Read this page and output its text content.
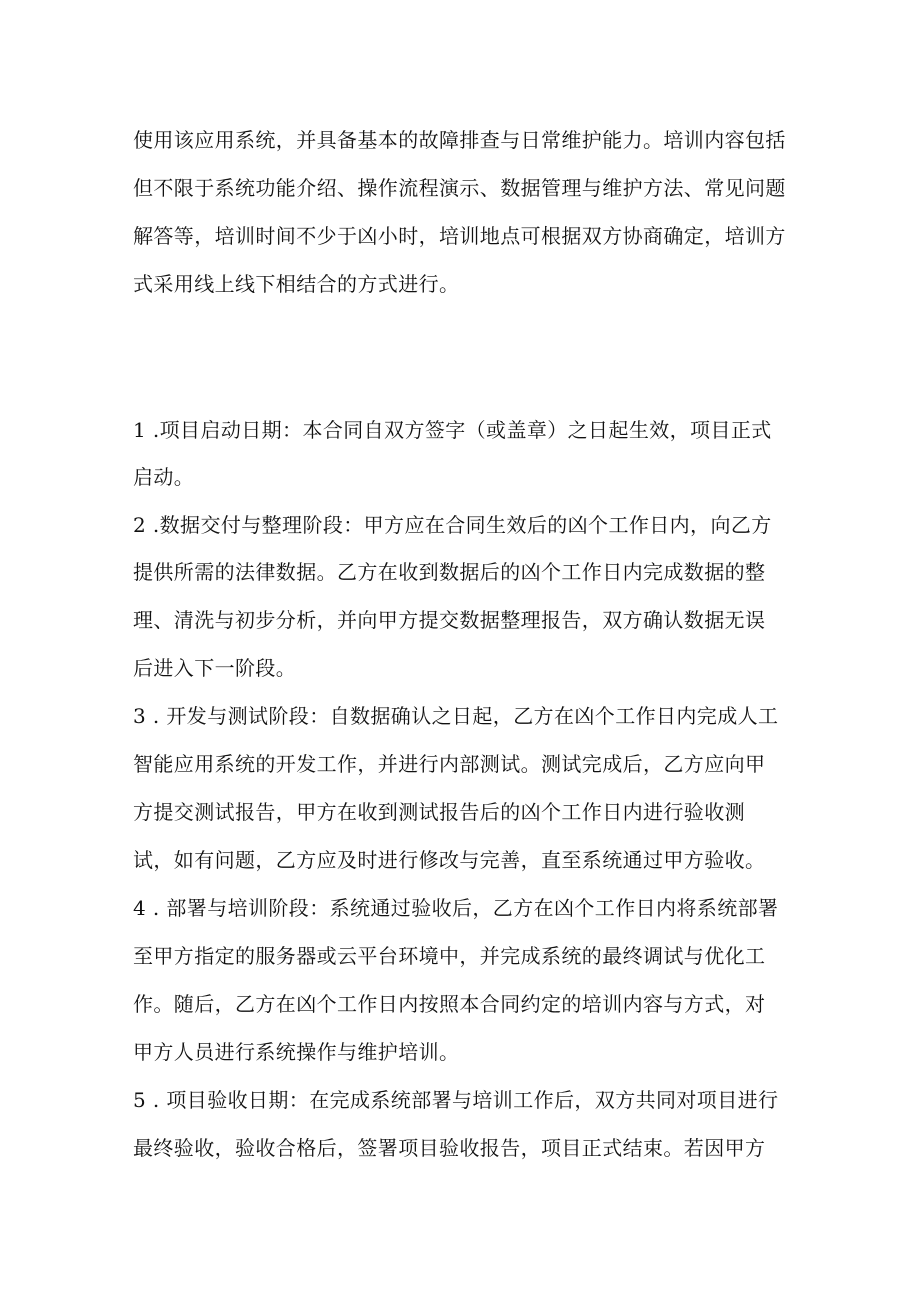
使用该应用系统，并具备基本的故障排查与日常维护能力。培训内容包括
但不限于系统功能介绍、操作流程演示、数据管理与维护方法、常见问题
解答等，培训时间不少于凶小时，培训地点可根据双方协商确定，培训方
式采用线上线下相结合的方式进行。
1 .项目启动日期：本合同自双方签字（或盖章）之日起生效，项目正式
启动。
2 .数据交付与整理阶段：甲方应在合同生效后的凶个工作日内，向乙方
提供所需的法律数据。乙方在收到数据后的凶个工作日内完成数据的整
理、清洗与初步分析，并向甲方提交数据整理报告，双方确认数据无误
后进入下一阶段。
3 . 开发与测试阶段：自数据确认之日起，乙方在凶个工作日内完成人工
智能应用系统的开发工作，并进行内部测试。测试完成后，乙方应向甲
方提交测试报告，甲方在收到测试报告后的凶个工作日内进行验收测
试，如有问题，乙方应及时进行修改与完善，直至系统通过甲方验收。
4 . 部署与培训阶段：系统通过验收后，乙方在凶个工作日内将系统部署
至甲方指定的服务器或云平台环境中，并完成系统的最终调试与优化工
作。随后，乙方在凶个工作日内按照本合同约定的培训内容与方式，对
甲方人员进行系统操作与维护培训。
5 . 项目验收日期：在完成系统部署与培训工作后，双方共同对项目进行
最终验收，验收合格后，签署项目验收报告，项目正式结束。若因甲方
